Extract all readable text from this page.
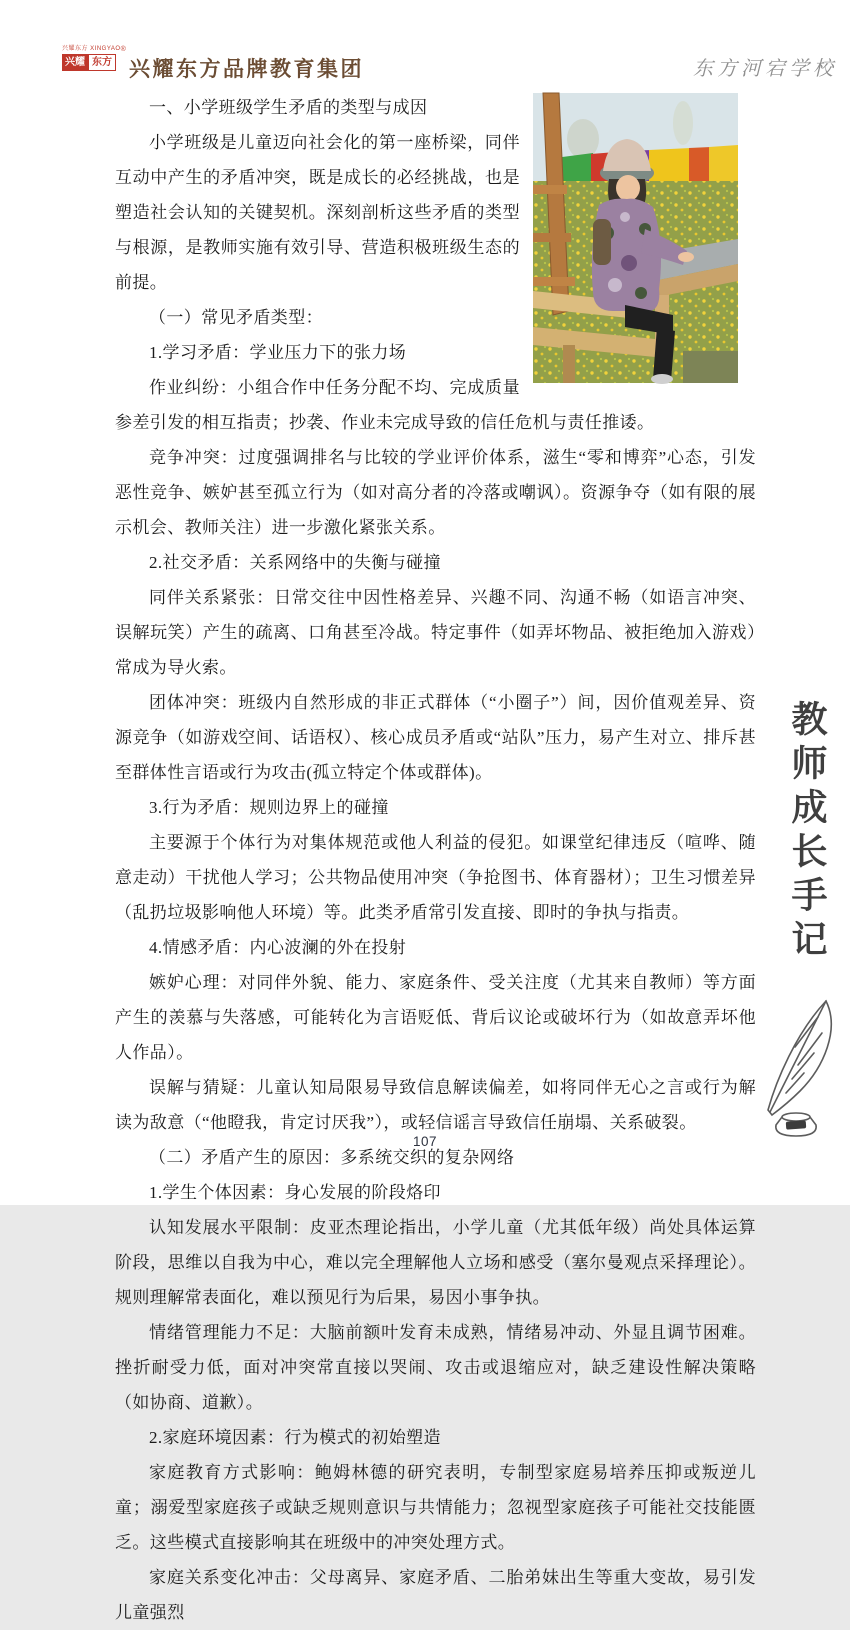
兴耀东方 XINGYAO®
兴耀 东方 兴耀东方品牌教育集团	东方河宕学校

一、小学班级学生矛盾的类型与成因

小学班级是儿童迈向社会化的第一座桥梁，同伴互动中产生的矛盾冲突，既是成长的必经挑战，也是塑造社会认知的关键契机。深刻剖析这些矛盾的类型与根源，是教师实施有效引导、营造积极班级生态的前提。

（一）常见矛盾类型：

1.学习矛盾：学业压力下的张力场

作业纠纷：小组合作中任务分配不均、完成质量参差引发的相互指责；抄袭、作业未完成导致的信任危机与责任推诿。

竞争冲突：过度强调排名与比较的学业评价体系，滋生“零和博弈”心态，引发恶性竞争、嫉妒甚至孤立行为（如对高分者的冷落或嘲讽）。资源争夺（如有限的展示机会、教师关注）进一步激化紧张关系。

2.社交矛盾：关系网络中的失衡与碰撞

同伴关系紧张：日常交往中因性格差异、兴趣不同、沟通不畅（如语言冲突、误解玩笑）产生的疏离、口角甚至冷战。特定事件（如弄坏物品、被拒绝加入游戏）常成为导火索。

团体冲突：班级内自然形成的非正式群体（“小圈子”）间，因价值观差异、资源竞争（如游戏空间、话语权）、核心成员矛盾或“站队”压力，易产生对立、排斥甚至群体性言语或行为攻击(孤立特定个体或群体)。

3.行为矛盾：规则边界上的碰撞

主要源于个体行为对集体规范或他人利益的侵犯。如课堂纪律违反（喧哗、随意走动）干扰他人学习；公共物品使用冲突（争抢图书、体育器材）；卫生习惯差异（乱扔垃圾影响他人环境）等。此类矛盾常引发直接、即时的争执与指责。

4.情感矛盾：内心波澜的外在投射

嫉妒心理：对同伴外貌、能力、家庭条件、受关注度（尤其来自教师）等方面产生的羡慕与失落感，可能转化为言语贬低、背后议论或破坏行为（如故意弄坏他人作品）。

误解与猜疑：儿童认知局限易导致信息解读偏差，如将同伴无心之言或行为解读为敌意（“他瞪我，肯定讨厌我”），或轻信谣言导致信任崩塌、关系破裂。

（二）矛盾产生的原因：多系统交织的复杂网络

1.学生个体因素：身心发展的阶段烙印

认知发展水平限制：皮亚杰理论指出，小学儿童（尤其低年级）尚处具体运算阶段，思维以自我为中心，难以完全理解他人立场和感受（塞尔曼观点采择理论）。规则理解常表面化，难以预见行为后果，易因小事争执。

情绪管理能力不足：大脑前额叶发育未成熟，情绪易冲动、外显且调节困难。挫折耐受力低，面对冲突常直接以哭闹、攻击或退缩应对，缺乏建设性解决策略（如协商、道歉）。

2.家庭环境因素：行为模式的初始塑造

家庭教育方式影响：鲍姆林德的研究表明，专制型家庭易培养压抑或叛逆儿童；溺爱型家庭孩子或缺乏规则意识与共情能力；忽视型家庭孩子可能社交技能匮乏。这些模式直接影响其在班级中的冲突处理方式。

家庭关系变化冲击：父母离异、家庭矛盾、二胎弟妹出生等重大变故，易引发儿童强烈

教师成长手记
107
